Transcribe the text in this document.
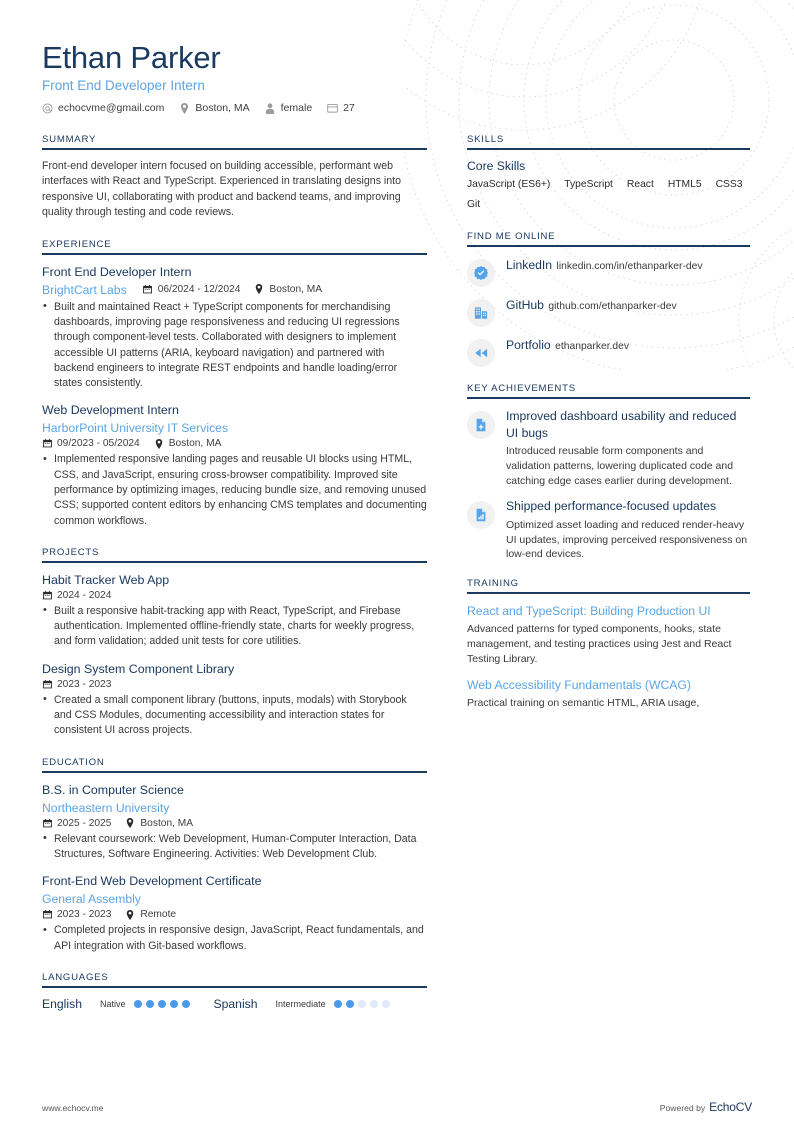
Ethan Parker
Front End Developer Intern
echocvme@gmail.com	Boston, MA	female	27
SUMMARY
Front-end developer intern focused on building accessible, performant web interfaces with React and TypeScript. Experienced in translating designs into responsive UI, collaborating with product and backend teams, and improving quality through testing and code reviews.
EXPERIENCE
Front End Developer Intern
BrightCart Labs	06/2024 - 12/2024	Boston, MA
• Built and maintained React + TypeScript components for merchandising dashboards, improving page responsiveness and reducing UI regressions through component-level tests. Collaborated with designers to implement accessible UI patterns (ARIA, keyboard navigation) and partnered with backend engineers to integrate REST endpoints and handle loading/error states consistently.
Web Development Intern
HarborPoint University IT Services
09/2023 - 05/2024	Boston, MA
• Implemented responsive landing pages and reusable UI blocks using HTML, CSS, and JavaScript, ensuring cross-browser compatibility. Improved site performance by optimizing images, reducing bundle size, and removing unused CSS; supported content editors by enhancing CMS templates and documenting common workflows.
PROJECTS
Habit Tracker Web App
2024 - 2024
• Built a responsive habit-tracking app with React, TypeScript, and Firebase authentication. Implemented offline-friendly state, charts for weekly progress, and form validation; added unit tests for core utilities.
Design System Component Library
2023 - 2023
• Created a small component library (buttons, inputs, modals) with Storybook and CSS Modules, documenting accessibility and interaction states for consistent UI across projects.
EDUCATION
B.S. in Computer Science
Northeastern University
2025 - 2025	Boston, MA
• Relevant coursework: Web Development, Human-Computer Interaction, Data Structures, Software Engineering. Activities: Web Development Club.
Front-End Web Development Certificate
General Assembly
2023 - 2023	Remote
• Completed projects in responsive design, JavaScript, React fundamentals, and API integration with Git-based workflows.
LANGUAGES
English Native	Spanish Intermediate
SKILLS
Core Skills
JavaScript (ES6+) TypeScript React HTML5 CSS3
Git
FIND ME ONLINE
LinkedIn linkedin.com/in/ethanparker-dev
GitHub github.com/ethanparker-dev
Portfolio ethanparker.dev
KEY ACHIEVEMENTS
Improved dashboard usability and reduced UI bugs
Introduced reusable form components and validation patterns, lowering duplicated code and catching edge cases earlier during development.
Shipped performance-focused updates
Optimized asset loading and reduced render-heavy UI updates, improving perceived responsiveness on low-end devices.
TRAINING
React and TypeScript: Building Production UI
Advanced patterns for typed components, hooks, state management, and testing practices using Jest and React Testing Library.
Web Accessibility Fundamentals (WCAG)
Practical training on semantic HTML, ARIA usage,
www.echocv.me	Powered by EchoCV
